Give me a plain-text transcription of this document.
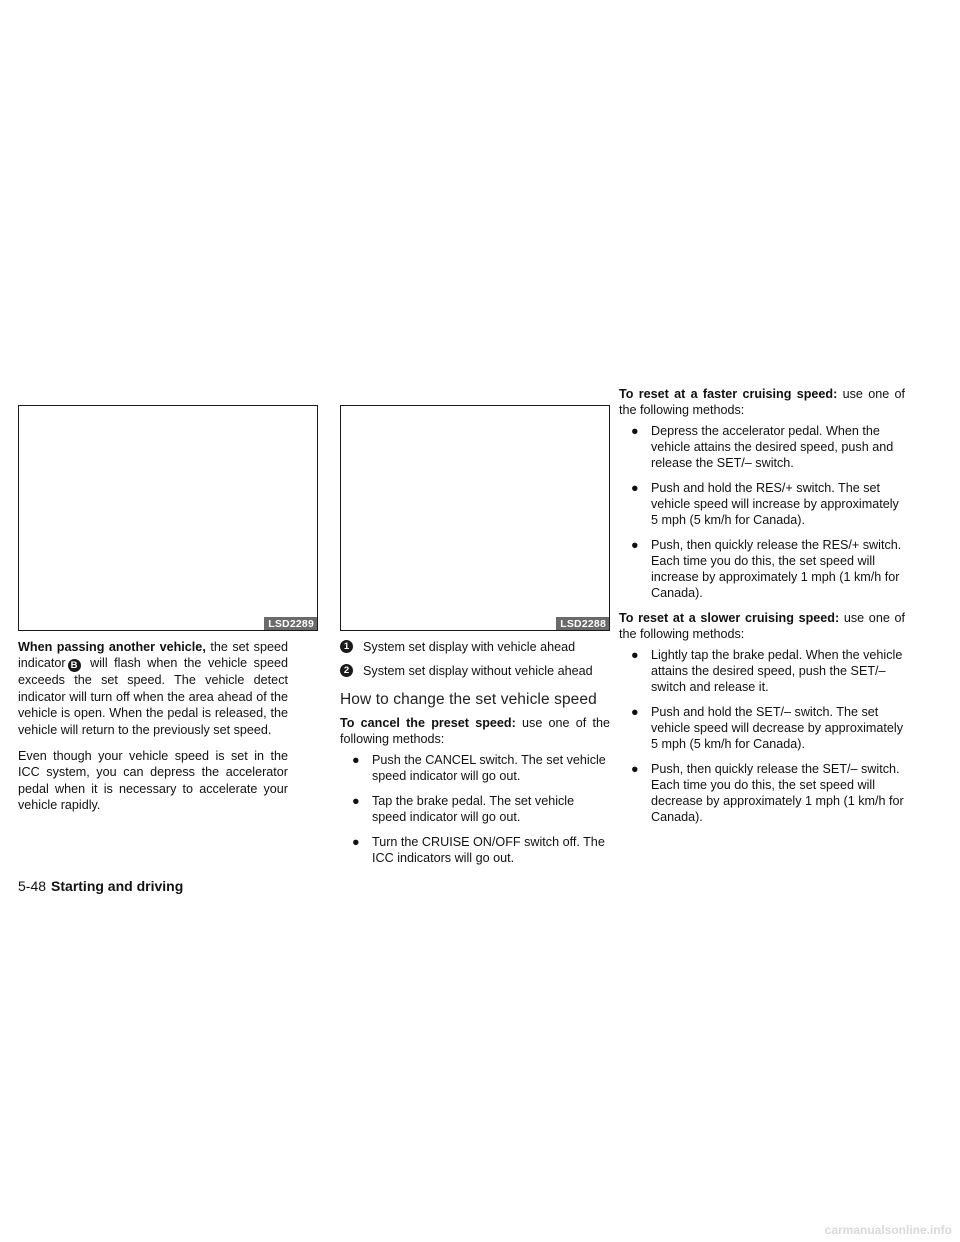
LSD2289

When passing another vehicle, the set speed indicator B will flash when the vehicle speed exceeds the set speed. The vehicle detect indicator will turn off when the area ahead of the vehicle is open. When the pedal is released, the vehicle will return to the previously set speed.

Even though your vehicle speed is set in the ICC system, you can depress the accelerator pedal when it is necessary to accelerate your vehicle rapidly.

LSD2288
1	System set display with vehicle ahead
2	System set display without vehicle ahead
How to change the set vehicle speed

To cancel the preset speed: use one of the following methods:

● Push the CANCEL switch. The set vehicle speed indicator will go out.
● Tap the brake pedal. The set vehicle speed indicator will go out.
● Turn the CRUISE ON/OFF switch off. The ICC indicators will go out.

To reset at a faster cruising speed: use one of the following methods:

● Depress the accelerator pedal. When the vehicle attains the desired speed, push and release the SET/– switch.
● Push and hold the RES/+ switch. The set vehicle speed will increase by approximately 5 mph (5 km/h for Canada).
● Push, then quickly release the RES/+ switch. Each time you do this, the set speed will increase by approximately 1 mph (1 km/h for Canada).

To reset at a slower cruising speed: use one of the following methods:

● Lightly tap the brake pedal. When the vehicle attains the desired speed, push the SET/– switch and release it.
● Push and hold the SET/– switch. The set vehicle speed will decrease by approximately 5 mph (5 km/h for Canada).
● Push, then quickly release the SET/– switch. Each time you do this, the set speed will decrease by approximately 1 mph (1 km/h for Canada).
5-48 Starting and driving
carmanualsonline.info
